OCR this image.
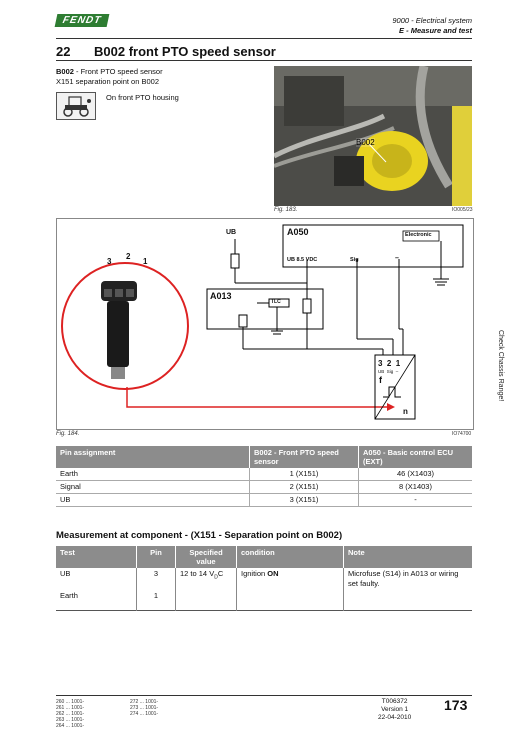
FENDT	9000 - Electrical system
E - Measure and test
22 B002 front PTO speed sensor
B002 - Front PTO speed sensor
X151 separation point on B002
On front PTO housing
B002
Fig. 183.	IO005/23
UB	A050	Electronic
UB 8.5 VDC	Sig	–
A013
TLC
3  2  1
UB  Sig  –
f
n
3
2
1
Fig. 184.	IO74700
Check Chassis Range!
Pin assignment	B002 - Front PTO speed sensor	A050 - Basic control ECU (EXT)
Earth	1 (X151)	46 (X1403)
Signal	2 (X151)	8 (X1403)
UB	3 (X151)	-
Measurement at component - (X151 - Separation point on B002)
Test	Pin	Specified value	condition	Note
UB	3	12 to 14 $V_DC$	Ignition ON	Microfuse (S14) in A013 or wiring set faulty.
Earth	1			
260 ... 1001-
261 ... 1001-
262 ... 1001-
263 ... 1001-
264 ... 1001-
272 ... 1001-
273 ... 1001-
274 ... 1001-
T006372
Version 1
22-04-2010
173
